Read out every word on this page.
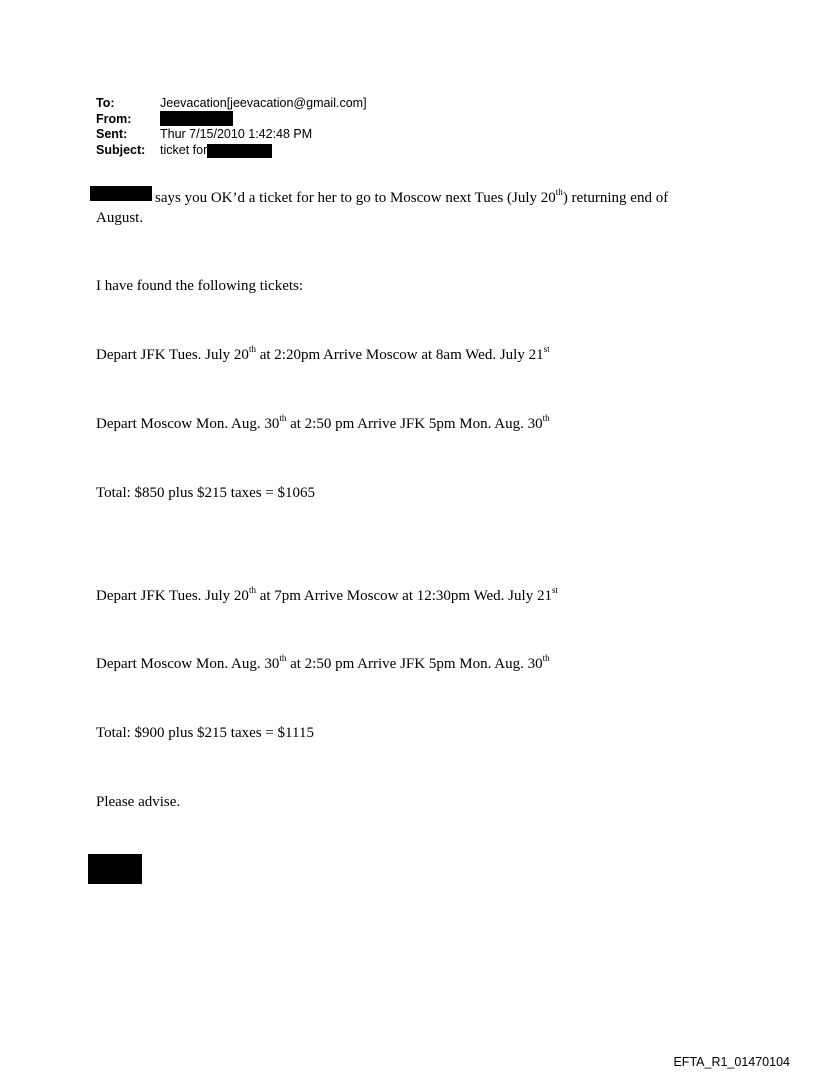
To:	Jeevacation[jeevacation@gmail.com]
From:
Sent:	Thur 7/15/2010 1:42:48 PM
Subject: ticket for
says you OK’d a ticket for her to go to Moscow next Tues (July 20th) returning end of
August.
I have found the following tickets:
Depart JFK Tues. July 20th at 2:20pm Arrive Moscow at 8am Wed. July 21st
Depart Moscow Mon. Aug. 30th at 2:50 pm Arrive JFK 5pm Mon. Aug. 30th
Total: $850 plus $215 taxes = $1065
Depart JFK Tues. July 20th at 7pm Arrive Moscow at 12:30pm Wed. July 21st
Depart Moscow Mon. Aug. 30th at 2:50 pm Arrive JFK 5pm Mon. Aug. 30th
Total: $900 plus $215 taxes = $1115
Please advise.
EFTA_R1_01470104
